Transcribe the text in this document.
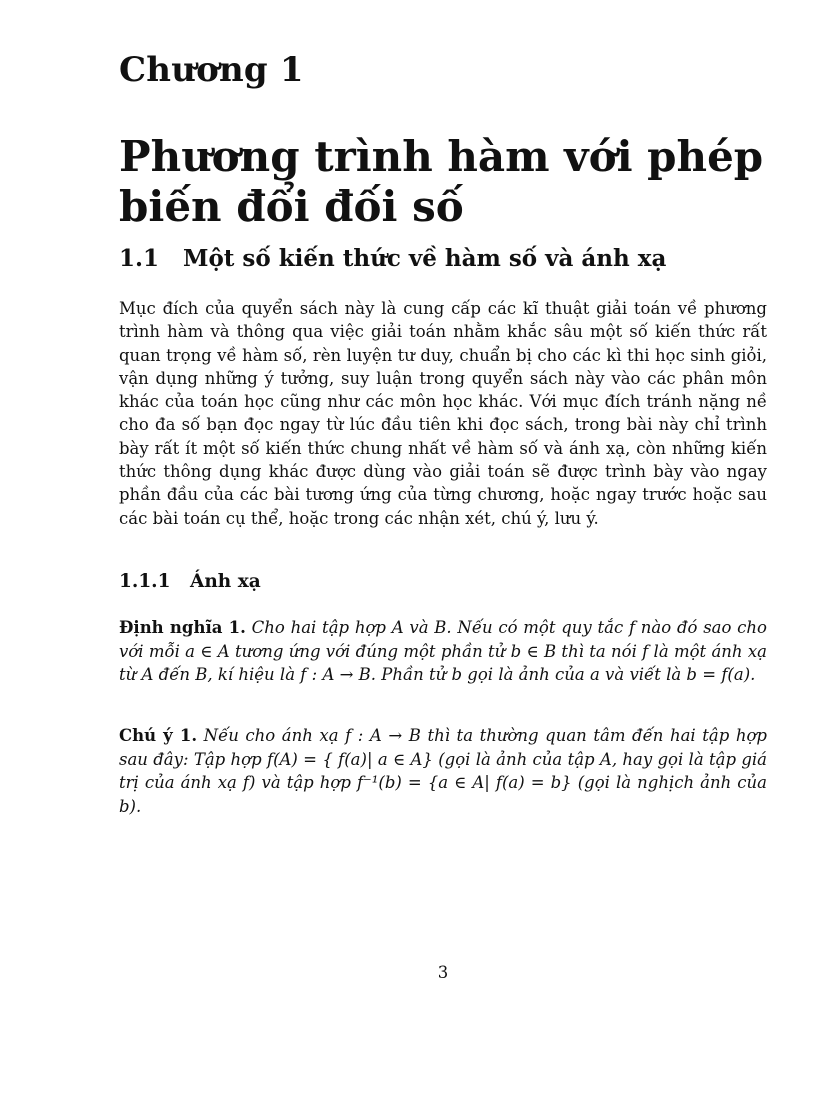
Chương 1
Phương trình hàm với phép biến đổi đối số
1.1 Một số kiến thức về hàm số và ánh xạ

Mục đích của quyển sách này là cung cấp các kĩ thuật giải toán về phương trình hàm và thông qua việc giải toán nhằm khắc sâu một số kiến thức rất quan trọng về hàm số, rèn luyện tư duy, chuẩn bị cho các kì thi học sinh giỏi, vận dụng những ý tưởng, suy luận trong quyển sách này vào các phân môn khác của toán học cũng như các môn học khác. Với mục đích tránh nặng nề cho đa số bạn đọc ngay từ lúc đầu tiên khi đọc sách, trong bài này chỉ trình bày rất ít một số kiến thức chung nhất về hàm số và ánh xạ, còn những kiến thức thông dụng khác được dùng vào giải toán sẽ được trình bày vào ngay phần đầu của các bài tương ứng của từng chương, hoặc ngay trước hoặc sau các bài toán cụ thể, hoặc trong các nhận xét, chú ý, lưu ý.

1.1.1 Ánh xạ

Định nghĩa 1. Cho hai tập hợp A và B. Nếu có một quy tắc f nào đó sao cho với mỗi a ∈ A tương ứng với đúng một phần tử b ∈ B thì ta nói f là một ánh xạ từ A đến B, kí hiệu là f : A → B. Phần tử b gọi là ảnh của a và viết là b = f(a).

Chú ý 1. Nếu cho ánh xạ f : A → B thì ta thường quan tâm đến hai tập hợp sau đây: Tập hợp f(A) = { f(a)| a ∈ A} (gọi là ảnh của tập A, hay gọi là tập giá trị của ánh xạ f) và tập hợp f⁻¹(b) = {a ∈ A| f(a) = b} (gọi là nghịch ảnh của b).

3
